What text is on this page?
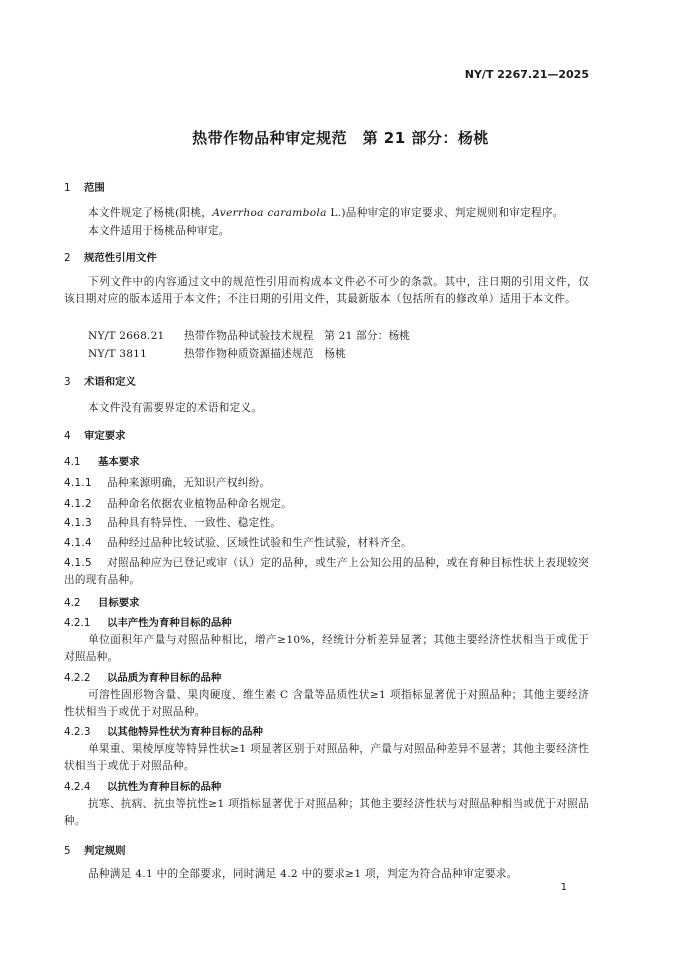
NY/T 2267.21—2025
热带作物品种审定规范　第 21 部分：杨桃
1 范围
本文件规定了杨桃(阳桃，Averrhoa carambola L.)品种审定的审定要求、判定规则和审定程序。
本文件适用于杨桃品种审定。
2 规范性引用文件
下列文件中的内容通过文中的规范性引用而构成本文件必不可少的条款。其中，注日期的引用文件，仅该日期对应的版本适用于本文件；不注日期的引用文件，其最新版本（包括所有的修改单）适用于本文件。
NY/T 2668.21 热带作物品种试验技术规程　第 21 部分：杨桃
NY/T 3811	热带作物种质资源描述规范　杨桃
3 术语和定义
本文件没有需要界定的术语和定义。
4 审定要求
4.1 基本要求
4.1.1 品种来源明确，无知识产权纠纷。
4.1.2 品种命名依据农业植物品种命名规定。
4.1.3 品种具有特异性、一致性、稳定性。
4.1.4 品种经过品种比较试验、区域性试验和生产性试验，材料齐全。
4.1.5 对照品种应为已登记或审（认）定的品种，或生产上公知公用的品种，或在育种目标性状上表现较突出的现有品种。
4.2 目标要求
4.2.1 以丰产性为育种目标的品种
单位面积年产量与对照品种相比，增产≥10%，经统计分析差异显著；其他主要经济性状相当于或优于对照品种。
4.2.2 以品质为育种目标的品种
可溶性固形物含量、果肉硬度、维生素 C 含量等品质性状≥1 项指标显著优于对照品种；其他主要经济性状相当于或优于对照品种。
4.2.3 以其他特异性状为育种目标的品种
单果重、果棱厚度等特异性状≥1 项显著区别于对照品种，产量与对照品种差异不显著；其他主要经济性状相当于或优于对照品种。
4.2.4 以抗性为育种目标的品种
抗寒、抗病、抗虫等抗性≥1 项指标显著优于对照品种；其他主要经济性状与对照品种相当或优于对照品种。
5 判定规则
品种满足 4.1 中的全部要求，同时满足 4.2 中的要求≥1 项，判定为符合品种审定要求。
1
